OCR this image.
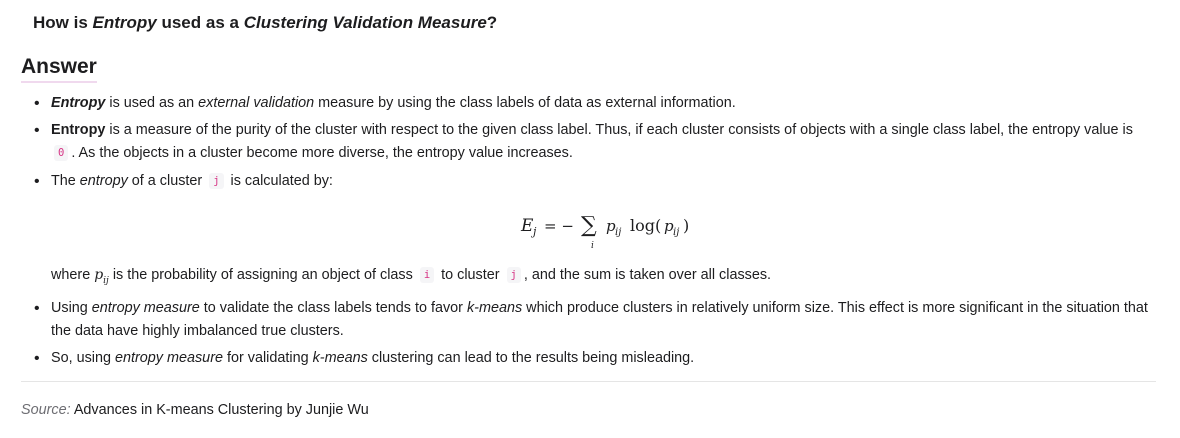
How is Entropy used as a Clustering Validation Measure?
Answer
• Entropy is used as an external validation measure by using the class labels of data as external information.
• Entropy is a measure of the purity of the cluster with respect to the given class label. Thus, if each cluster consists of objects with a single class label, the entropy value is 0 . As the objects in a cluster become more diverse, the entropy value increases.
• The entropy of a cluster j is calculated by:
E j = − ∑
i
p ij log( p ij )
where $p_{ij}$ is the probability of assigning an object of class i to cluster j , and the sum is taken over all classes.
• Using entropy measure to validate the class labels tends to favor k-means which produce clusters in relatively uniform size. This effect is more significant in the situation that the data have highly imbalanced true clusters.
• So, using entropy measure for validating k-means clustering can lead to the results being misleading.
Source: Advances in K-means Clustering by Junjie Wu
